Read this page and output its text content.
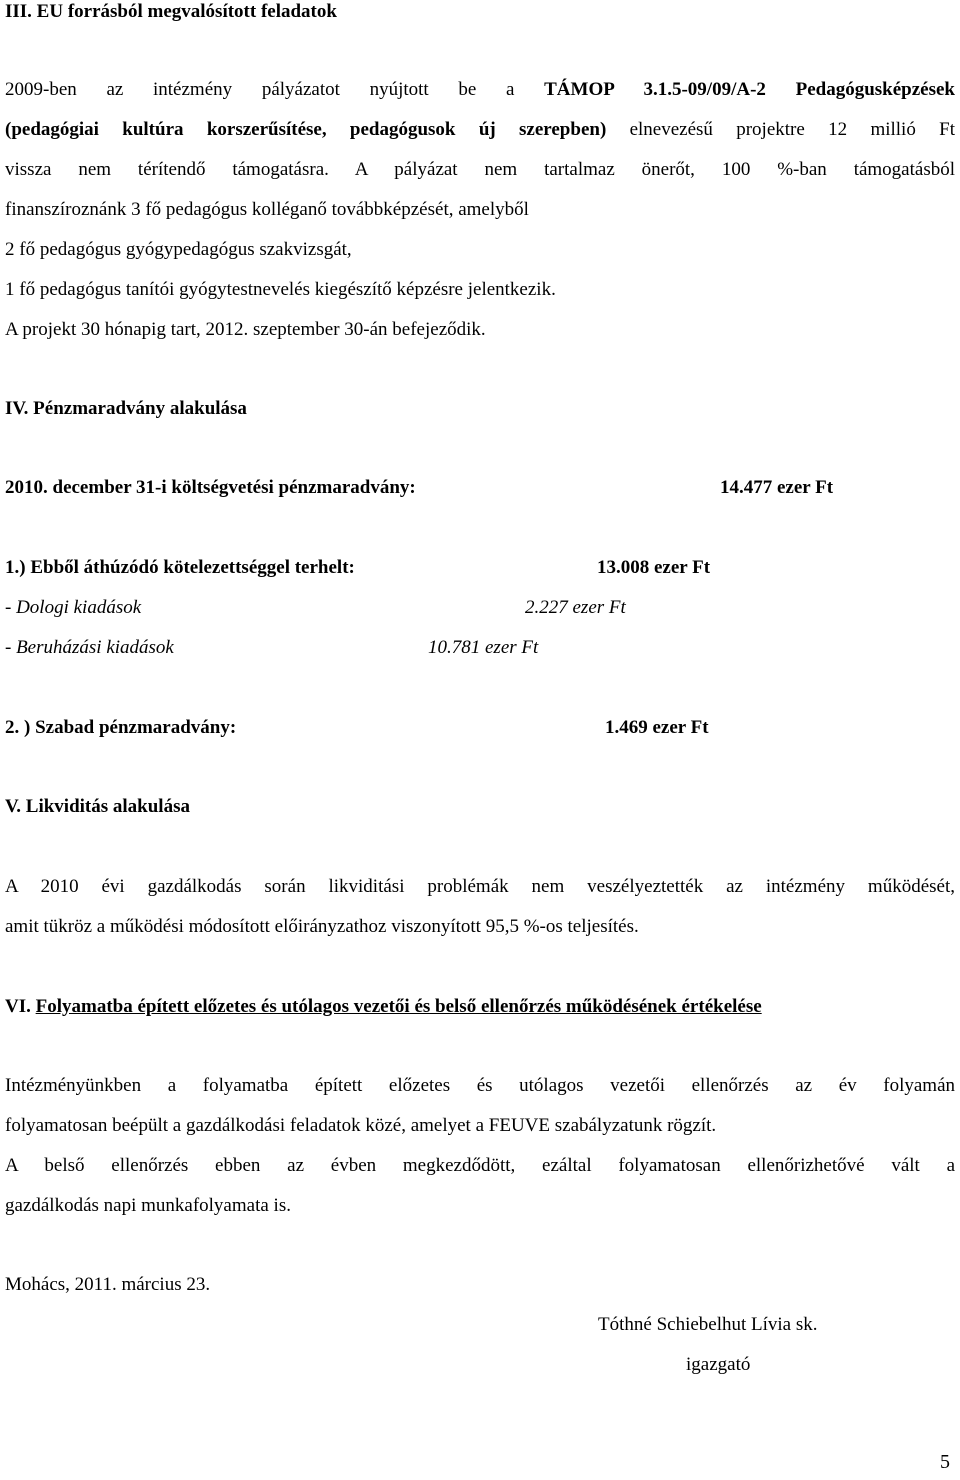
III. EU forrásból megvalósított feladatok
2009-ben az intézmény pályázatot nyújtott be a TÁMOP 3.1.5-09/09/A-2 Pedagógusképzések
(pedagógiai kultúra korszerűsítése, pedagógusok új szerepben) elnevezésű projektre 12 millió Ft
vissza nem térítendő támogatásra. A pályázat nem tartalmaz önerőt, 100 %-ban támogatásból
finanszíroznánk 3 fő pedagógus kolléganő továbbképzését, amelyből
2 fő pedagógus gyógypedagógus szakvizsgát,
1 fő pedagógus tanítói gyógytestnevelés kiegészítő képzésre jelentkezik.
A projekt 30 hónapig tart, 2012. szeptember 30-án befejeződik.
IV. Pénzmaradvány alakulása
2010. december 31-i költségvetési pénzmaradvány:	14.477 ezer Ft
1.) Ebből áthúzódó kötelezettséggel terhelt:	13.008 ezer Ft
- Dologi kiadások	2.227 ezer Ft
- Beruházási kiadások	10.781 ezer Ft
2. ) Szabad pénzmaradvány:	1.469 ezer Ft
V. Likviditás alakulása
A 2010 évi gazdálkodás során likviditási problémák nem veszélyeztették az intézmény működését,
amit tükröz a működési módosított előirányzathoz viszonyított 95,5 %-os teljesítés.
VI. Folyamatba épített előzetes és utólagos vezetői és belső ellenőrzés működésének értékelése
Intézményünkben a folyamatba épített előzetes és utólagos vezetői ellenőrzés az év folyamán
folyamatosan beépült a gazdálkodási feladatok közé, amelyet a FEUVE szabályzatunk rögzít.
A belső ellenőrzés ebben az évben megkezdődött, ezáltal folyamatosan ellenőrizhetővé vált a
gazdálkodás napi munkafolyamata is.
Mohács, 2011. március 23.
Tóthné Schiebelhut Lívia sk.
igazgató
5
